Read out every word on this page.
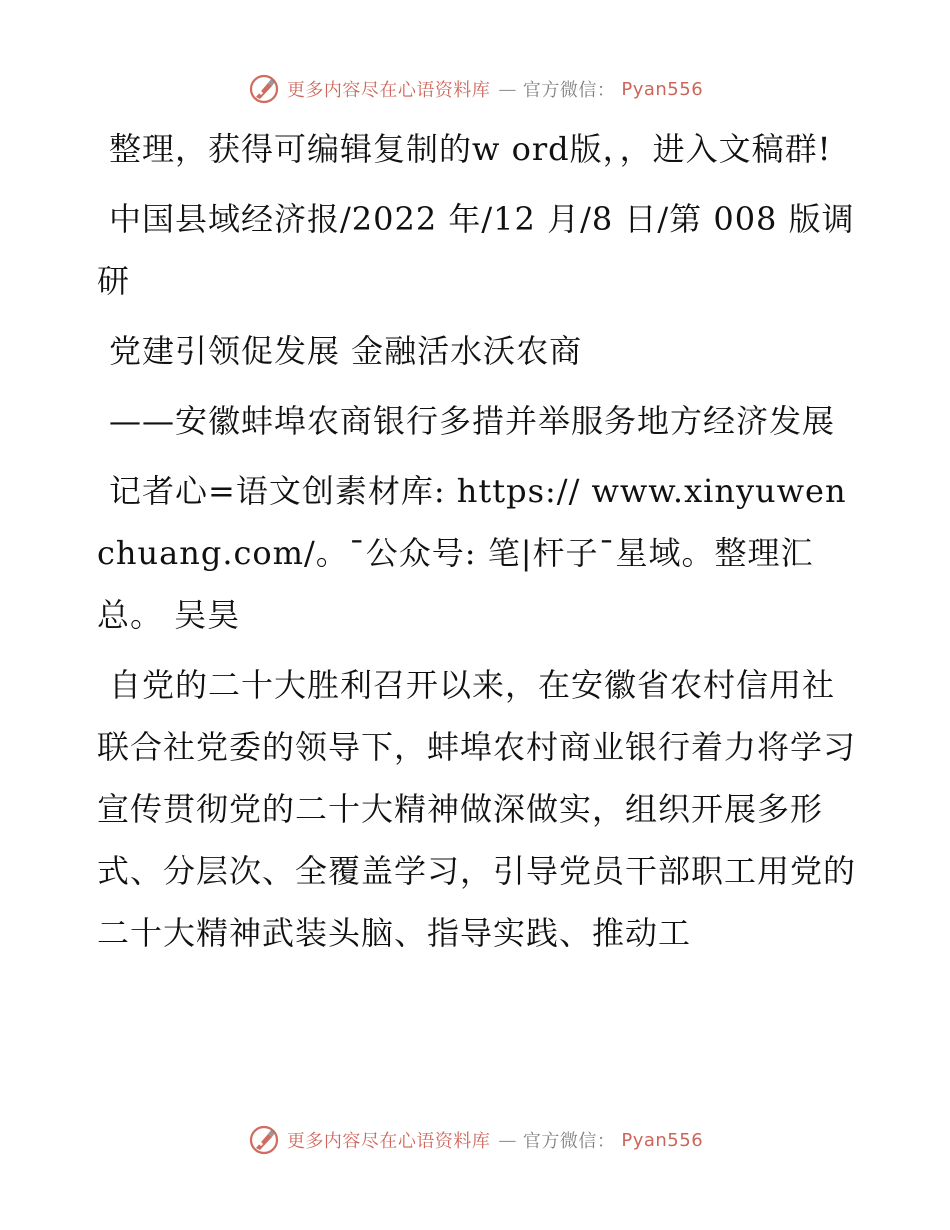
更多内容尽在心语资料库 — 官方微信： Pyan556

整理，获得可编辑复制的w ord版，，进入文稿群!

中国县域经济报/2022 年/12 月/8 日/第 008 版调研

党建引领促发展 金融活水沃农商

——安徽蚌埠农商银行多措并举服务地方经济发展

记者心=语文创素材库: https:// www.xinyuwenchuang.com/。¯公众号: 笔|杆子¯星域。整理汇总。 吴昊

自党的二十大胜利召开以来，在安徽省农村信用社联合社党委的领导下，蚌埠农村商业银行着力将学习宣传贯彻党的二十大精神做深做实，组织开展多形式、分层次、全覆盖学习，引导党员干部职工用党的二十大精神武装头脑、指导实践、推动工

更多内容尽在心语资料库 — 官方微信： Pyan556
